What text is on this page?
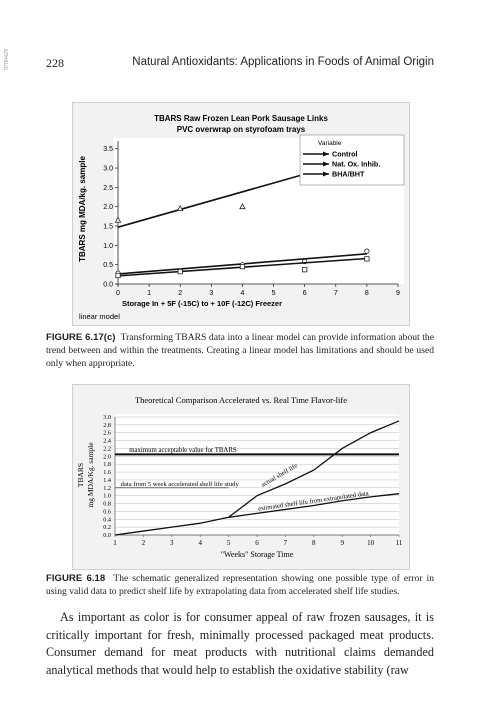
228	Natural Antioxidants: Applications in Foods of Animal Origin
9780429
TBARS Raw Frozen Lean Pork Sausage Links
PVC overwrap on styrofoam trays
TBARS mg MDA/kg. sample
Storage In + 5F (-15C) to + 10F (-12C) Freezer
linear model
0.0
0.5
1.0
1.5
2.0
2.5
3.0
3.5
0	1	2	3	4	5	6	7	8	9
Variable
Control
Nat. Ox. Inhib.
BHA/BHT
FIGURE 6.17(c) Transforming TBARS data into a linear model can provide information about the trend between and within the treatments. Creating a linear model has limitations and should be used only when appropriate.
Theoretical Comparison Accelerated vs. Real Time Flavor-life
TBARS mg MDA/Kg. sample
"Weeks" Storage Time
0.0
0.2
0.4
0.6
0.8
1.0
1.2
1.4
1.6
1.8
2.0
2.2
2.4
2.6
2.8
3.0
1	2	3	4	5	6	7	8	9	10	11
maximum acceptable value for TBARS
data from 5 week accelerated shelf life study	actual shelf life
estimated shelf life from extrapolated data
FIGURE 6.18 The schematic generalized representation showing one possible type of error in using valid data to predict shelf life by extrapolating data from accelerated shelf life studies.
As important as color is for consumer appeal of raw frozen sausages, it is critically important for fresh, minimally processed packaged meat products. Consumer demand for meat products with nutritional claims demanded analytical methods that would help to establish the oxidative stability (raw
